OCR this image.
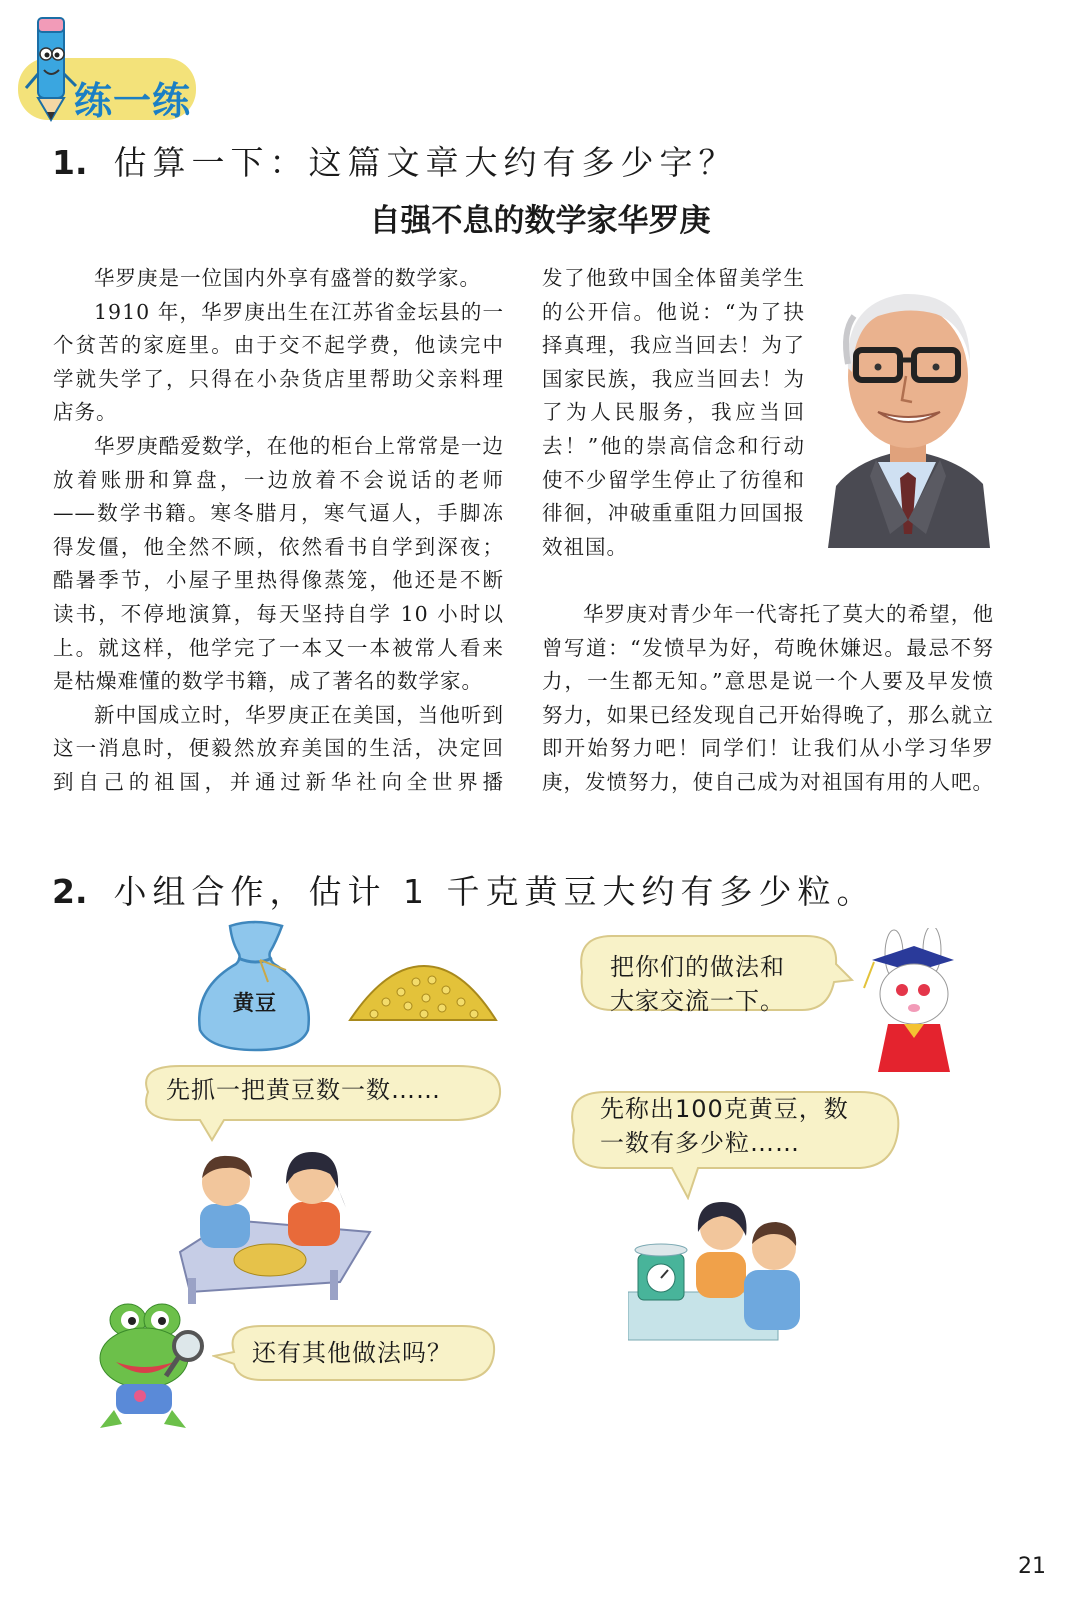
练一练
1. 估算一下：这篇文章大约有多少字？
自强不息的数学家华罗庚

华罗庚是一位国内外享有盛誉的数学家。

1910 年，华罗庚出生在江苏省金坛县的一个贫苦的家庭里。由于交不起学费，他读完中学就失学了，只得在小杂货店里帮助父亲料理店务。

华罗庚酷爱数学，在他的柜台上常常是一边放着账册和算盘，一边放着不会说话的老师——数学书籍。寒冬腊月，寒气逼人，手脚冻得发僵，他全然不顾，依然看书自学到深夜；酷暑季节，小屋子里热得像蒸笼，他还是不断读书，不停地演算，每天坚持自学 10 小时以上。就这样，他学完了一本又一本被常人看来是枯燥难懂的数学书籍，成了著名的数学家。

新中国成立时，华罗庚正在美国，当他听到这一消息时，便毅然放弃美国的生活，决定回到自己的祖国，并通过新华社向全世界播

发了他致中国全体留美学生的公开信。他说：“为了抉择真理，我应当回去！为了国家民族，我应当回去！为了为人民服务，我应当回去！”他的崇高信念和行动使不少留学生停止了彷徨和徘徊，冲破重重阻力回国报效祖国。

华罗庚对青少年一代寄托了莫大的希望，他曾写道：“发愤早为好，苟晚休嫌迟。最忌不努力，一生都无知。”意思是说一个人要及早发愤努力，如果已经发现自己开始得晚了，那么就立即开始努力吧！同学们！让我们从小学习华罗庚，发愤努力，使自己成为对祖国有用的人吧。

2. 小组合作，估计 1 千克黄豆大约有多少粒。
黄豆
先抓一把黄豆数一数……
把你们的做法和
大家交流一下。
先称出100克黄豆，数
一数有多少粒……
还有其他做法吗？
21
